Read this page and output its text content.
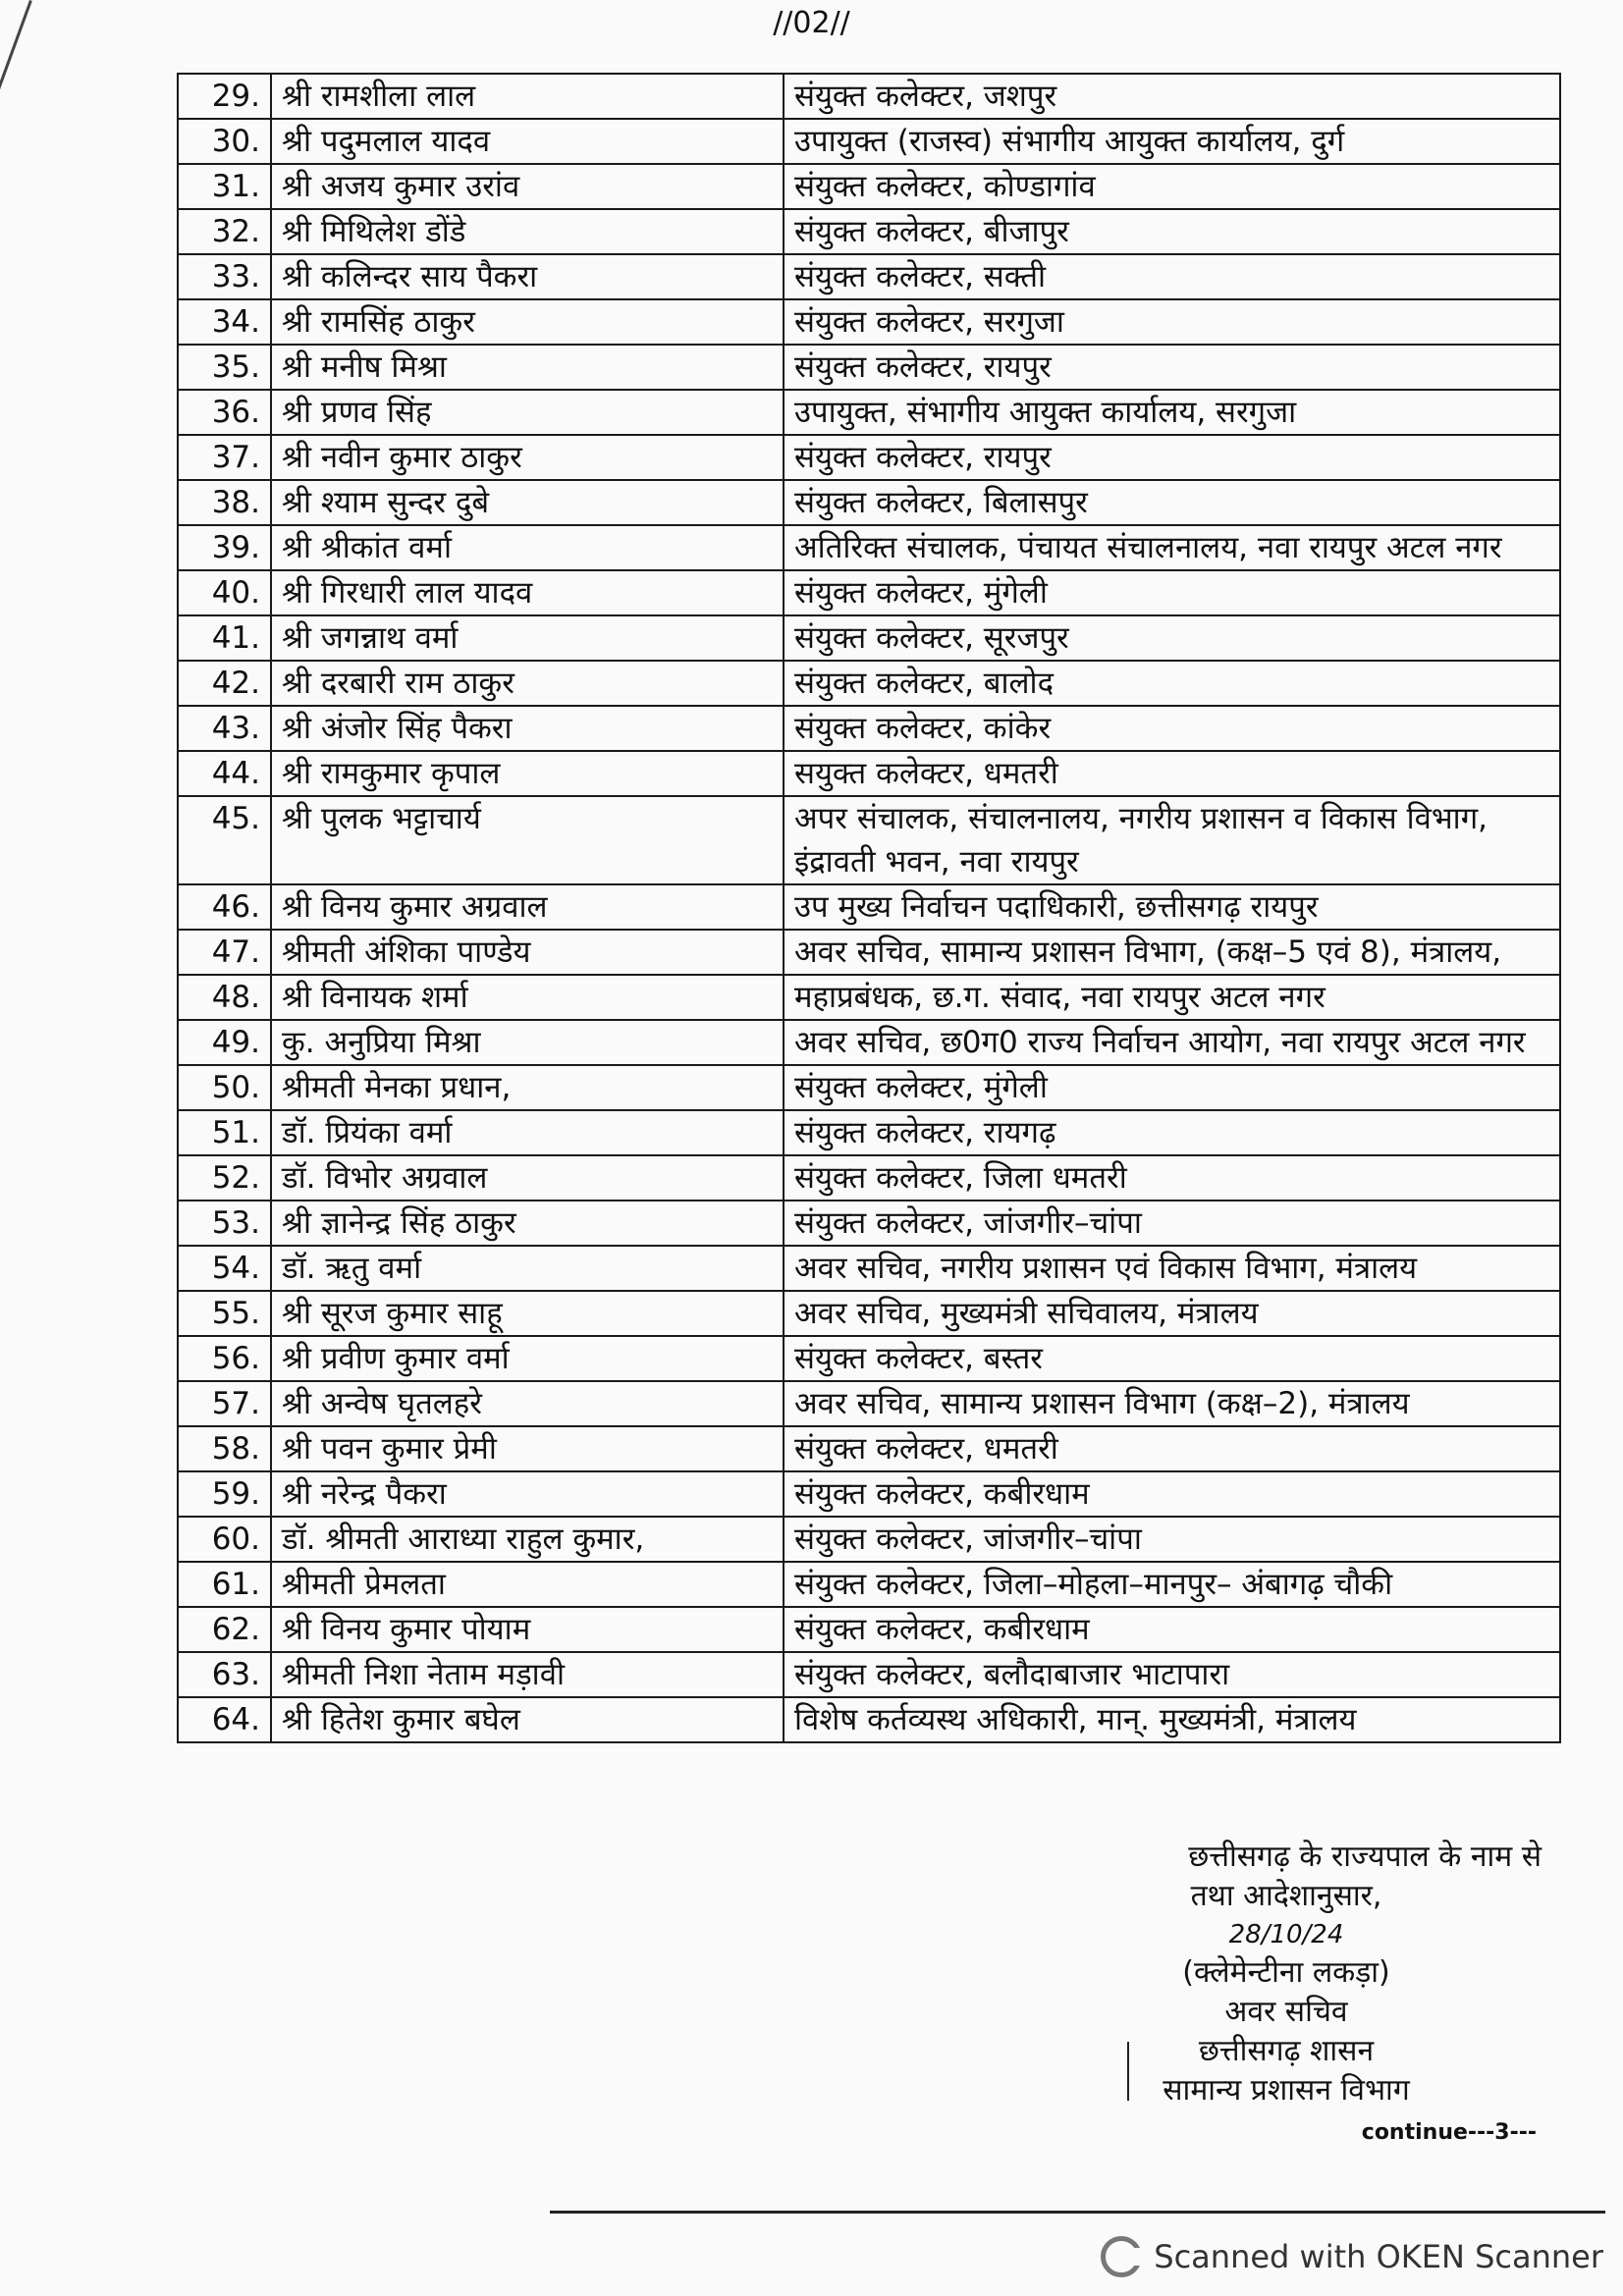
//02//
29.	श्री रामशीला लाल	संयुक्त कलेक्टर, जशपुर
30.	श्री पदुमलाल यादव	उपायुक्त (राजस्व) संभागीय आयुक्त कार्यालय, दुर्ग
31.	श्री अजय कुमार उरांव	संयुक्त कलेक्टर, कोण्डागांव
32.	श्री मिथिलेश डोंडे	संयुक्त कलेक्टर, बीजापुर
33.	श्री कलिन्दर साय पैकरा	संयुक्त कलेक्टर, सक्ती
34.	श्री रामसिंह ठाकुर	संयुक्त कलेक्टर, सरगुजा
35.	श्री मनीष मिश्रा	संयुक्त कलेक्टर, रायपुर
36.	श्री प्रणव सिंह	उपायुक्त, संभागीय आयुक्त कार्यालय, सरगुजा
37.	श्री नवीन कुमार ठाकुर	संयुक्त कलेक्टर, रायपुर
38.	श्री श्याम सुन्दर दुबे	संयुक्त कलेक्टर, बिलासपुर
39.	श्री श्रीकांत वर्मा	अतिरिक्त संचालक, पंचायत संचालनालय, नवा रायपुर अटल नगर
40.	श्री गिरधारी लाल यादव	संयुक्त कलेक्टर, मुंगेली
41.	श्री जगन्नाथ वर्मा	संयुक्त कलेक्टर, सूरजपुर
42.	श्री दरबारी राम ठाकुर	संयुक्त कलेक्टर, बालोद
43.	श्री अंजोर सिंह पैकरा	संयुक्त कलेक्टर, कांकेर
44.	श्री रामकुमार कृपाल	सयुक्त कलेक्टर, धमतरी
45.	श्री पुलक भट्टाचार्य	अपर संचालक, संचालनालय, नगरीय प्रशासन व विकास विभाग, इंद्रावती भवन, नवा रायपुर
46.	श्री विनय कुमार अग्रवाल	उप मुख्य निर्वाचन पदाधिकारी, छत्तीसगढ़ रायपुर
47.	श्रीमती अंशिका पाण्डेय	अवर सचिव, सामान्य प्रशासन विभाग, (कक्ष–5 एवं 8), मंत्रालय,
48.	श्री विनायक शर्मा	महाप्रबंधक, छ.ग. संवाद, नवा रायपुर अटल नगर
49.	कु. अनुप्रिया मिश्रा	अवर सचिव, छ0ग0 राज्य निर्वाचन आयोग, नवा रायपुर अटल नगर
50.	श्रीमती मेनका प्रधान,	संयुक्त कलेक्टर, मुंगेली
51.	डॉ. प्रियंका वर्मा	संयुक्त कलेक्टर, रायगढ़
52.	डॉ. विभोर अग्रवाल	संयुक्त कलेक्टर, जिला धमतरी
53.	श्री ज्ञानेन्द्र सिंह ठाकुर	संयुक्त कलेक्टर, जांजगीर–चांपा
54.	डॉ. ऋतु वर्मा	अवर सचिव, नगरीय प्रशासन एवं विकास विभाग, मंत्रालय
55.	श्री सूरज कुमार साहू	अवर सचिव, मुख्यमंत्री सचिवालय, मंत्रालय
56.	श्री प्रवीण कुमार वर्मा	संयुक्त कलेक्टर, बस्तर
57.	श्री अन्वेष घृतलहरे	अवर सचिव, सामान्य प्रशासन विभाग (कक्ष–2), मंत्रालय
58.	श्री पवन कुमार प्रेमी	संयुक्त कलेक्टर, धमतरी
59.	श्री नरेन्द्र पैकरा	संयुक्त कलेक्टर, कबीरधाम
60.	डॉ. श्रीमती आराध्या राहुल कुमार,	संयुक्त कलेक्टर, जांजगीर–चांपा
61.	श्रीमती प्रेमलता	संयुक्त कलेक्टर, जिला–मोहला–मानपुर– अंबागढ़ चौकी
62.	श्री विनय कुमार पोयाम	संयुक्त कलेक्टर, कबीरधाम
63.	श्रीमती निशा नेताम मड़ावी	संयुक्त कलेक्टर, बलौदाबाजार भाटापारा
64.	श्री हितेश कुमार बघेल	विशेष कर्तव्यस्थ अधिकारी, मान्. मुख्यमंत्री, मंत्रालय
छत्तीसगढ़ के राज्यपाल के नाम से
तथा आदेशानुसार,
28/10/24
(क्लेमेन्टीना लकड़ा)
अवर सचिव
छत्तीसगढ़ शासन
सामान्य प्रशासन विभाग
continue---3---
Scanned with OKEN Scanner
